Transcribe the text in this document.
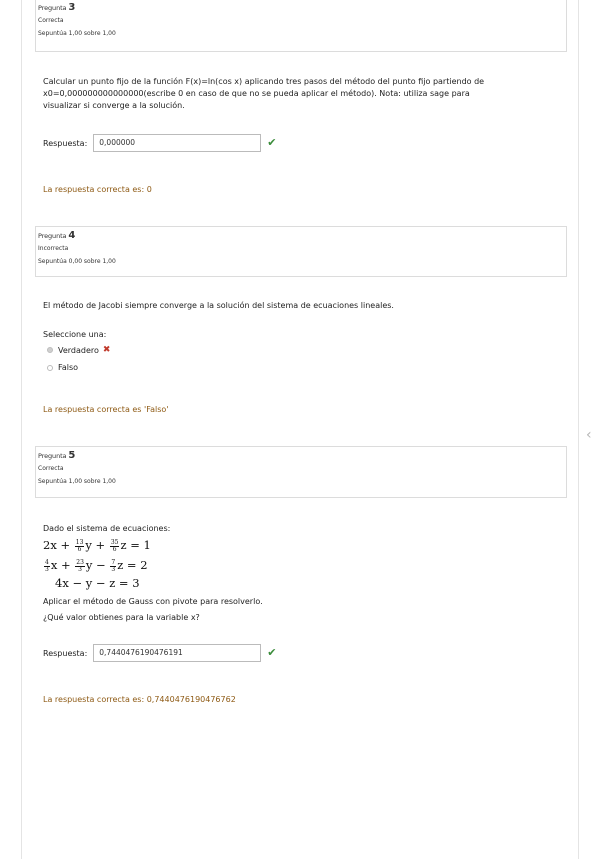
Pregunta 3
Correcta
Sepuntúa 1,00 sobre 1,00
Calcular un punto fijo de la función F(x)=ln(cos x) aplicando tres pasos del método del punto fijo partiendo de
x0=0,000000000000000(escribe 0 en caso de que no se pueda aplicar el método). Nota: utiliza sage para
visualizar si converge a la solución.
Respuesta:	0,000000	✔
La respuesta correcta es: 0
Pregunta 4
Incorrecta
Sepuntúa 0,00 sobre 1,00
El método de Jacobi siempre converge a la solución del sistema de ecuaciones lineales.
Seleccione una:
Verdadero ✖
Falso
La respuesta correcta es 'Falso'
Pregunta 5
Correcta
Sepuntúa 1,00 sobre 1,00
Dado el sistema de ecuaciones:
$2x + \frac{13}{6}$ $y + \frac{35}{6}$ z = 1
$\frac{4}{3}$ $x + \frac{23}{3}$ $y - \frac{7}{3}$ z = 2
4x − y − z = 3
Aplicar el método de Gauss con pivote para resolverlo.
¿Qué valor obtienes para la variable x?
Respuesta:	0,7440476190476191	✔
La respuesta correcta es: 0,7440476190476762
‹
